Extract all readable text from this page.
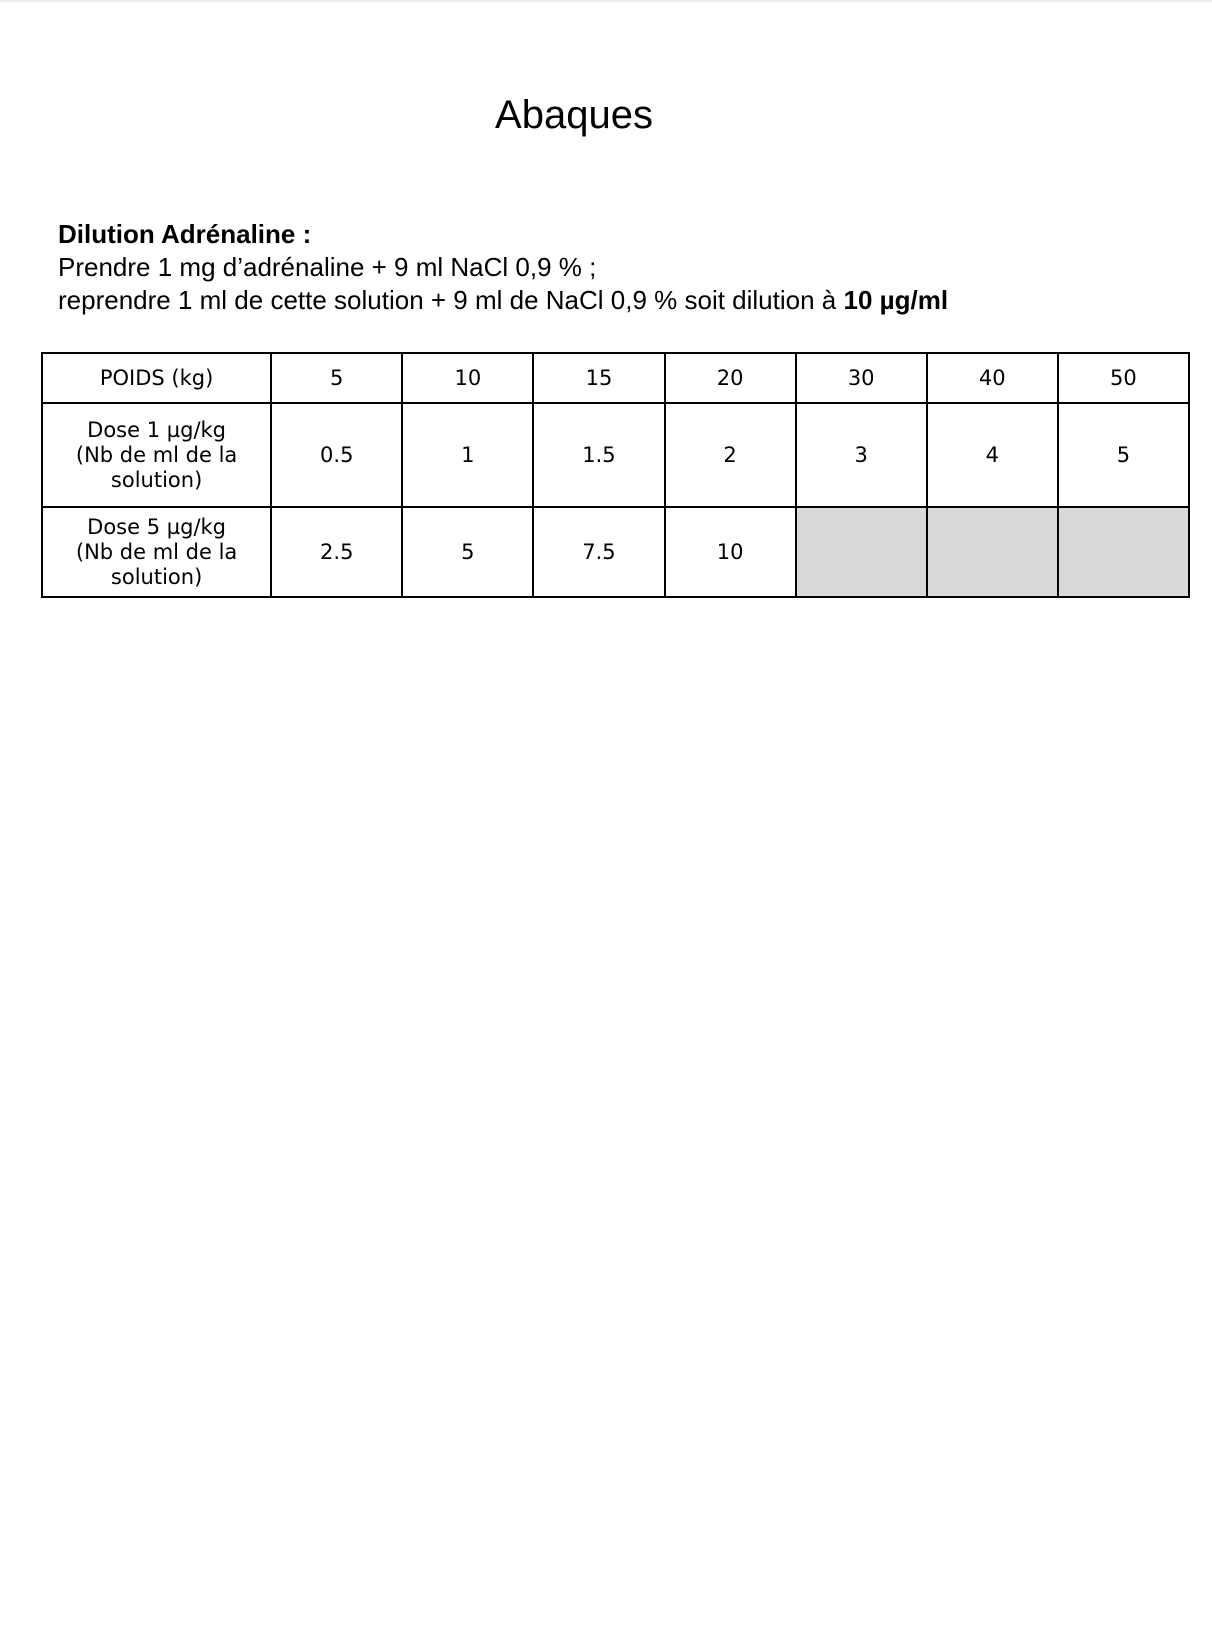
Abaques
Dilution Adrénaline :
Prendre 1 mg d’adrénaline + 9 ml NaCl 0,9 % ;
reprendre 1 ml de cette solution + 9 ml de NaCl 0,9 % soit dilution à 10 µg/ml
POIDS (kg)	5	10	15	20	30	40	50

Dose 1 µg/kg
(Nb de ml de la
solution)	0.5	1	1.5	2	3	4	5

Dose 5 µg/kg
(Nb de ml de la
solution)	2.5	5	7.5	10			
